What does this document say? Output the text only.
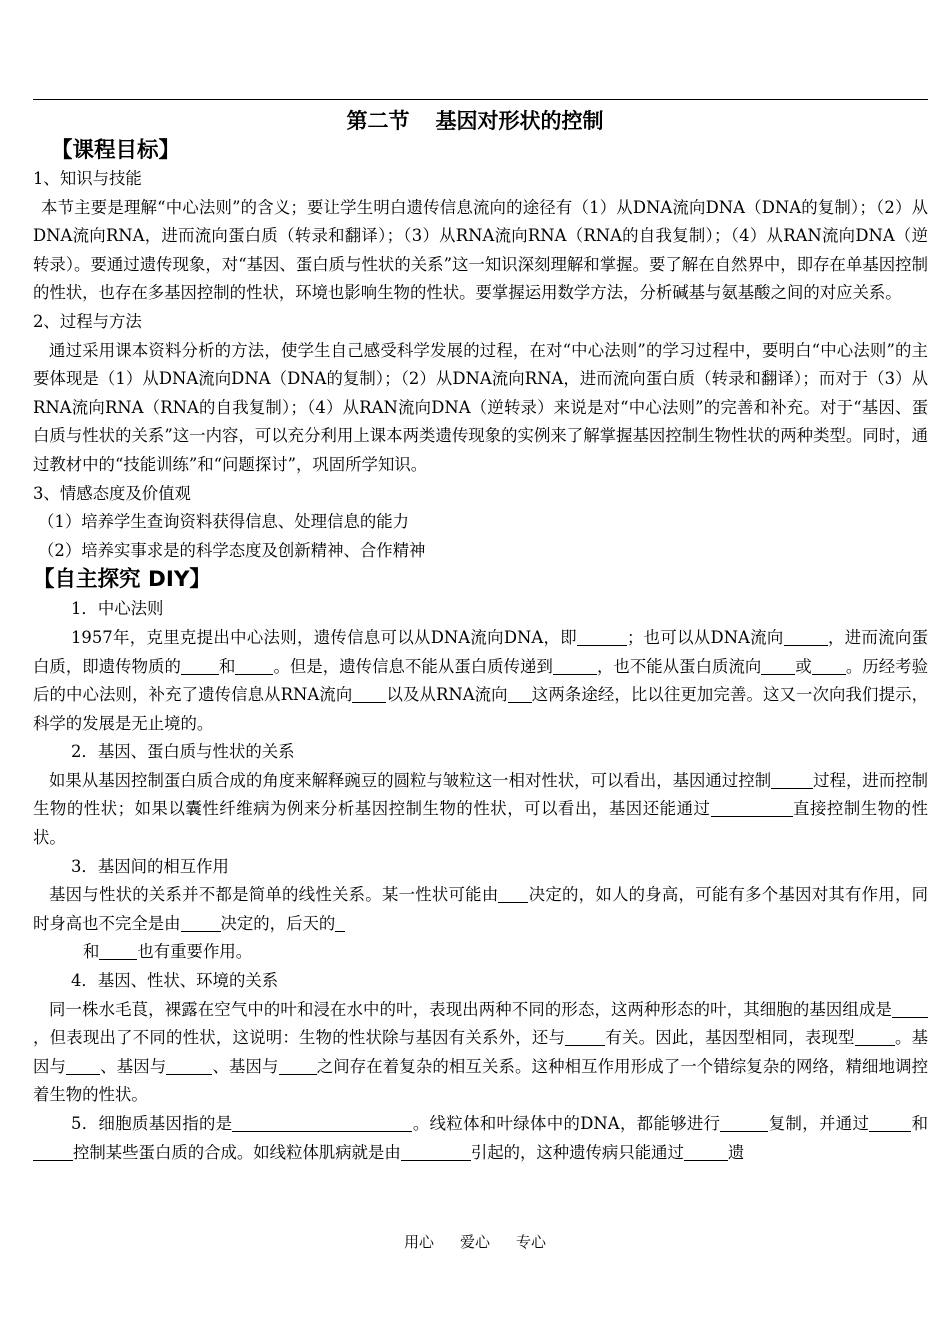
第二节 基因对形状的控制
【课程目标】

1、知识与技能

本节主要是理解“中心法则”的含义；要让学生明白遗传信息流向的途径有（1）从DNA流向DNA（DNA的复制）；（2）从DNA流向RNA，进而流向蛋白质（转录和翻译）；（3）从RNA流向RNA（RNA的自我复制）；（4）从RAN流向DNA（逆转录）。要通过遗传现象，对“基因、蛋白质与性状的关系”这一知识深刻理解和掌握。要了解在自然界中，即存在单基因控制的性状，也存在多基因控制的性状，环境也影响生物的性状。要掌握运用数学方法，分析碱基与氨基酸之间的对应关系。

2、过程与方法

通过采用课本资料分析的方法，使学生自己感受科学发展的过程，在对“中心法则”的学习过程中，要明白“中心法则”的主要体现是（1）从DNA流向DNA（DNA的复制）；（2）从DNA流向RNA，进而流向蛋白质（转录和翻译）；而对于（3）从RNA流向RNA（RNA的自我复制）；（4）从RAN流向DNA（逆转录）来说是对“中心法则”的完善和补充。对于“基因、蛋白质与性状的关系”这一内容，可以充分利用上课本两类遗传现象的实例来了解掌握基因控制生物性状的两种类型。同时，通过教材中的“技能训练”和“问题探讨”，巩固所学知识。

3、情感态度及价值观

（1）培养学生查询资料获得信息、处理信息的能力

（2）培养实事求是的科学态度及创新精神、合作精神

【自主探究 DIY】

1．中心法则

1957年，克里克提出中心法则，遗传信息可以从DNA流向DNA，即	；也可以从DNA流向	，进而流向蛋白质，即遗传物质的 和 。但是，遗传信息不能从蛋白质传递到	，也不能从蛋白质流向 或 。历经考验后的中心法则，补充了遗传信息从RNA流向 以及从RNA流向 这两条途经，比以往更加完善。这又一次向我们提示，科学的发展是无止境的。

2．基因、蛋白质与性状的关系

如果从基因控制蛋白质合成的角度来解释豌豆的圆粒与皱粒这一相对性状，可以看出，基因通过控制	过程，进而控制生物的性状；如果以囊性纤维病为例来分析基因控制生物的性状，可以看出，基因还能通过	直接控制生物的性状。

3．基因间的相互作用

基因与性状的关系并不都是简单的线性关系。某一性状可能由 决定的，如人的身高，可能有多个基因对其有作用，同时身高也不完全是由 决定的，后天的

和 也有重要作用。

4．基因、性状、环境的关系

同一株水毛茛，裸露在空气中的叶和浸在水中的叶，表现出两种不同的形态，这两种形态的叶，其细胞的基因组成是，但表现出了不同的性状，这说明：生物的性状除与基因有关系外，还与 有关。因此，基因型相同，表现型 。基因与 、基因与	、基因与 之间存在着复杂的相互关系。这种相互作用形成了一个错综复杂的网络，精细地调控着生物的性状。

5．细胞质基因指的是	。线粒体和叶绿体中的DNA，都能够进行	复制，并通过	和控制某些蛋白质的合成。如线粒体肌病就是由	引起的，这种遗传病只能通过	遗

用心 爱心 专心
